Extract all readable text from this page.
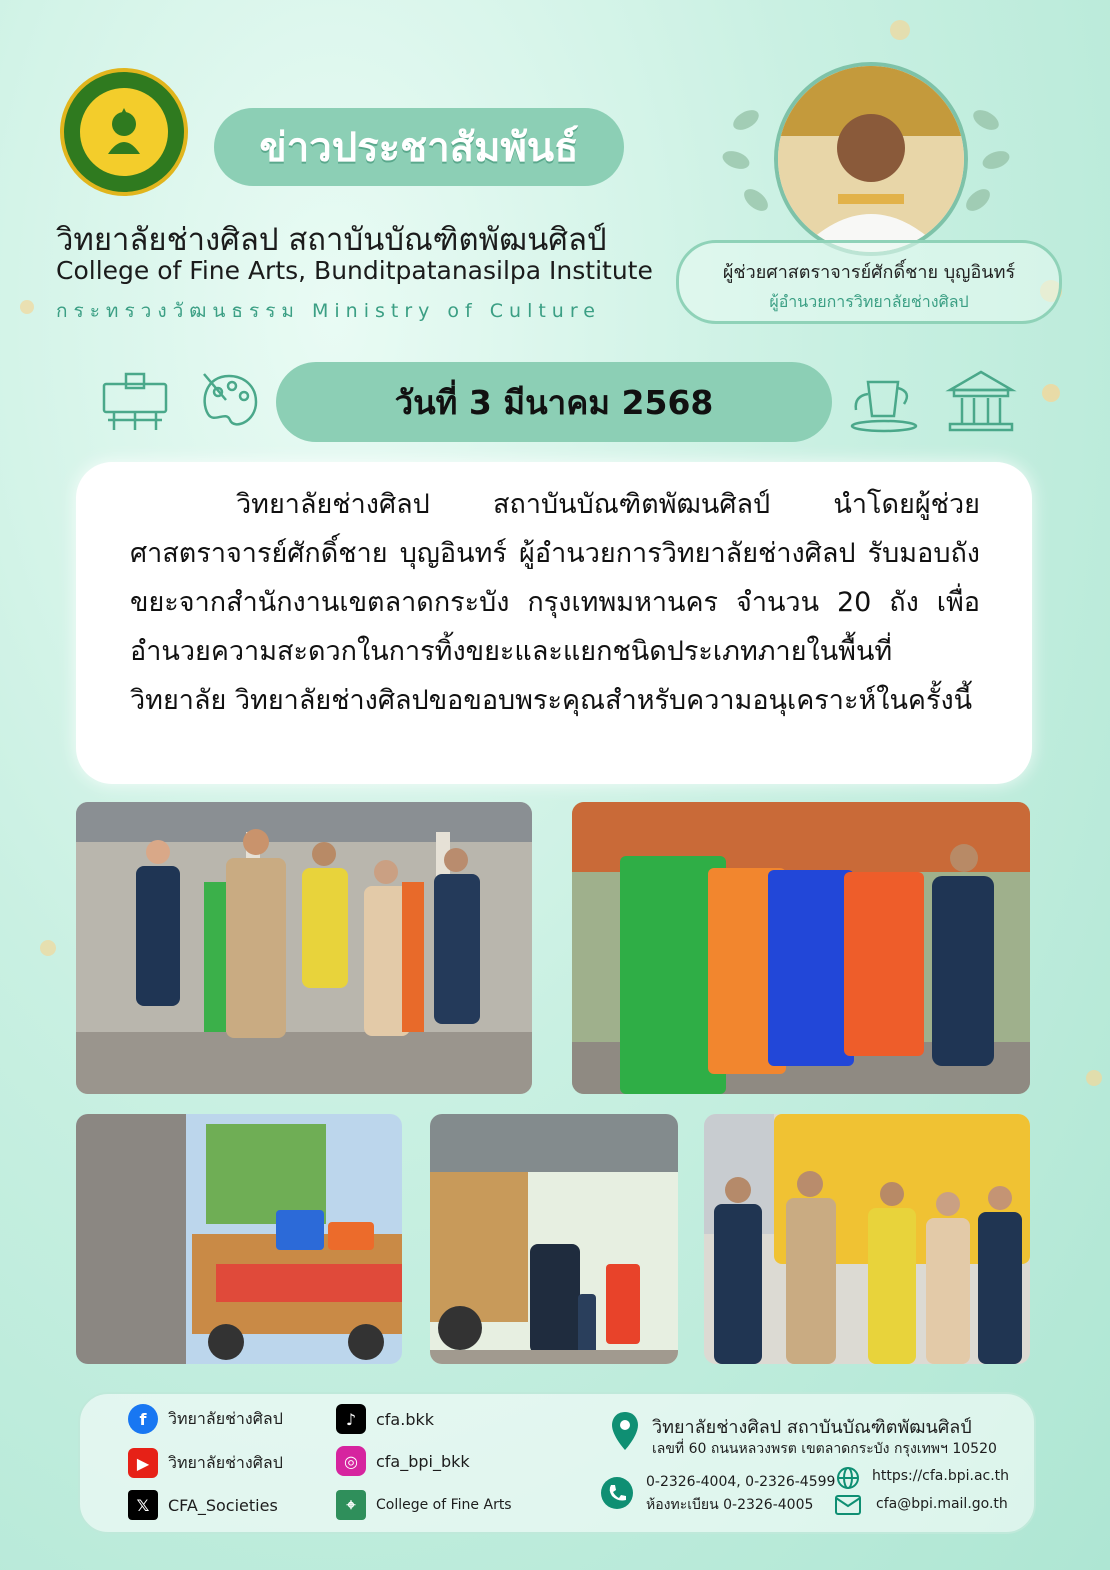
ข่าวประชาสัมพันธ์
วิทยาลัยช่างศิลป สถาบันบัณฑิตพัฒนศิลป์
College of Fine Arts, Bunditpatanasilpa Institute
กระทรวงวัฒนธรรม Ministry of Culture
ผู้ช่วยศาสตราจารย์ศักดิ์ชาย บุญอินทร์
ผู้อำนวยการวิทยาลัยช่างศิลป
วันที่ 3 มีนาคม 2568
วิทยาลัยช่างศิลป สถาบันบัณฑิตพัฒนศิลป์ นำโดยผู้ช่วยศาสตราจารย์ศักดิ์ชาย บุญอินทร์ ผู้อำนวยการวิทยาลัยช่างศิลป รับมอบถังขยะจากสำนักงานเขตลาดกระบัง กรุงเทพมหานคร จำนวน 20 ถัง เพื่ออำนวยความสะดวกในการทิ้งขยะและแยกชนิดประเภทภายในพื้นที่วิทยาลัย วิทยาลัยช่างศิลปขอขอบพระคุณสำหรับความอนุเคราะห์ในครั้งนี้
f	วิทยาลัยช่างศิลป
▶	วิทยาลัยช่างศิลป
𝕏	CFA_Societies
♪	cfa.bkk
◎	cfa_bpi_bkk
⌖	College of Fine Arts
วิทยาลัยช่างศิลป สถาบันบัณฑิตพัฒนศิลป์
เลขที่ 60 ถนนหลวงพรต เขตลาดกระบัง กรุงเทพฯ 10520
0-2326-4004, 0-2326-4599
ห้องทะเบียน 0-2326-4005
https://cfa.bpi.ac.th
cfa@bpi.mail.go.th
